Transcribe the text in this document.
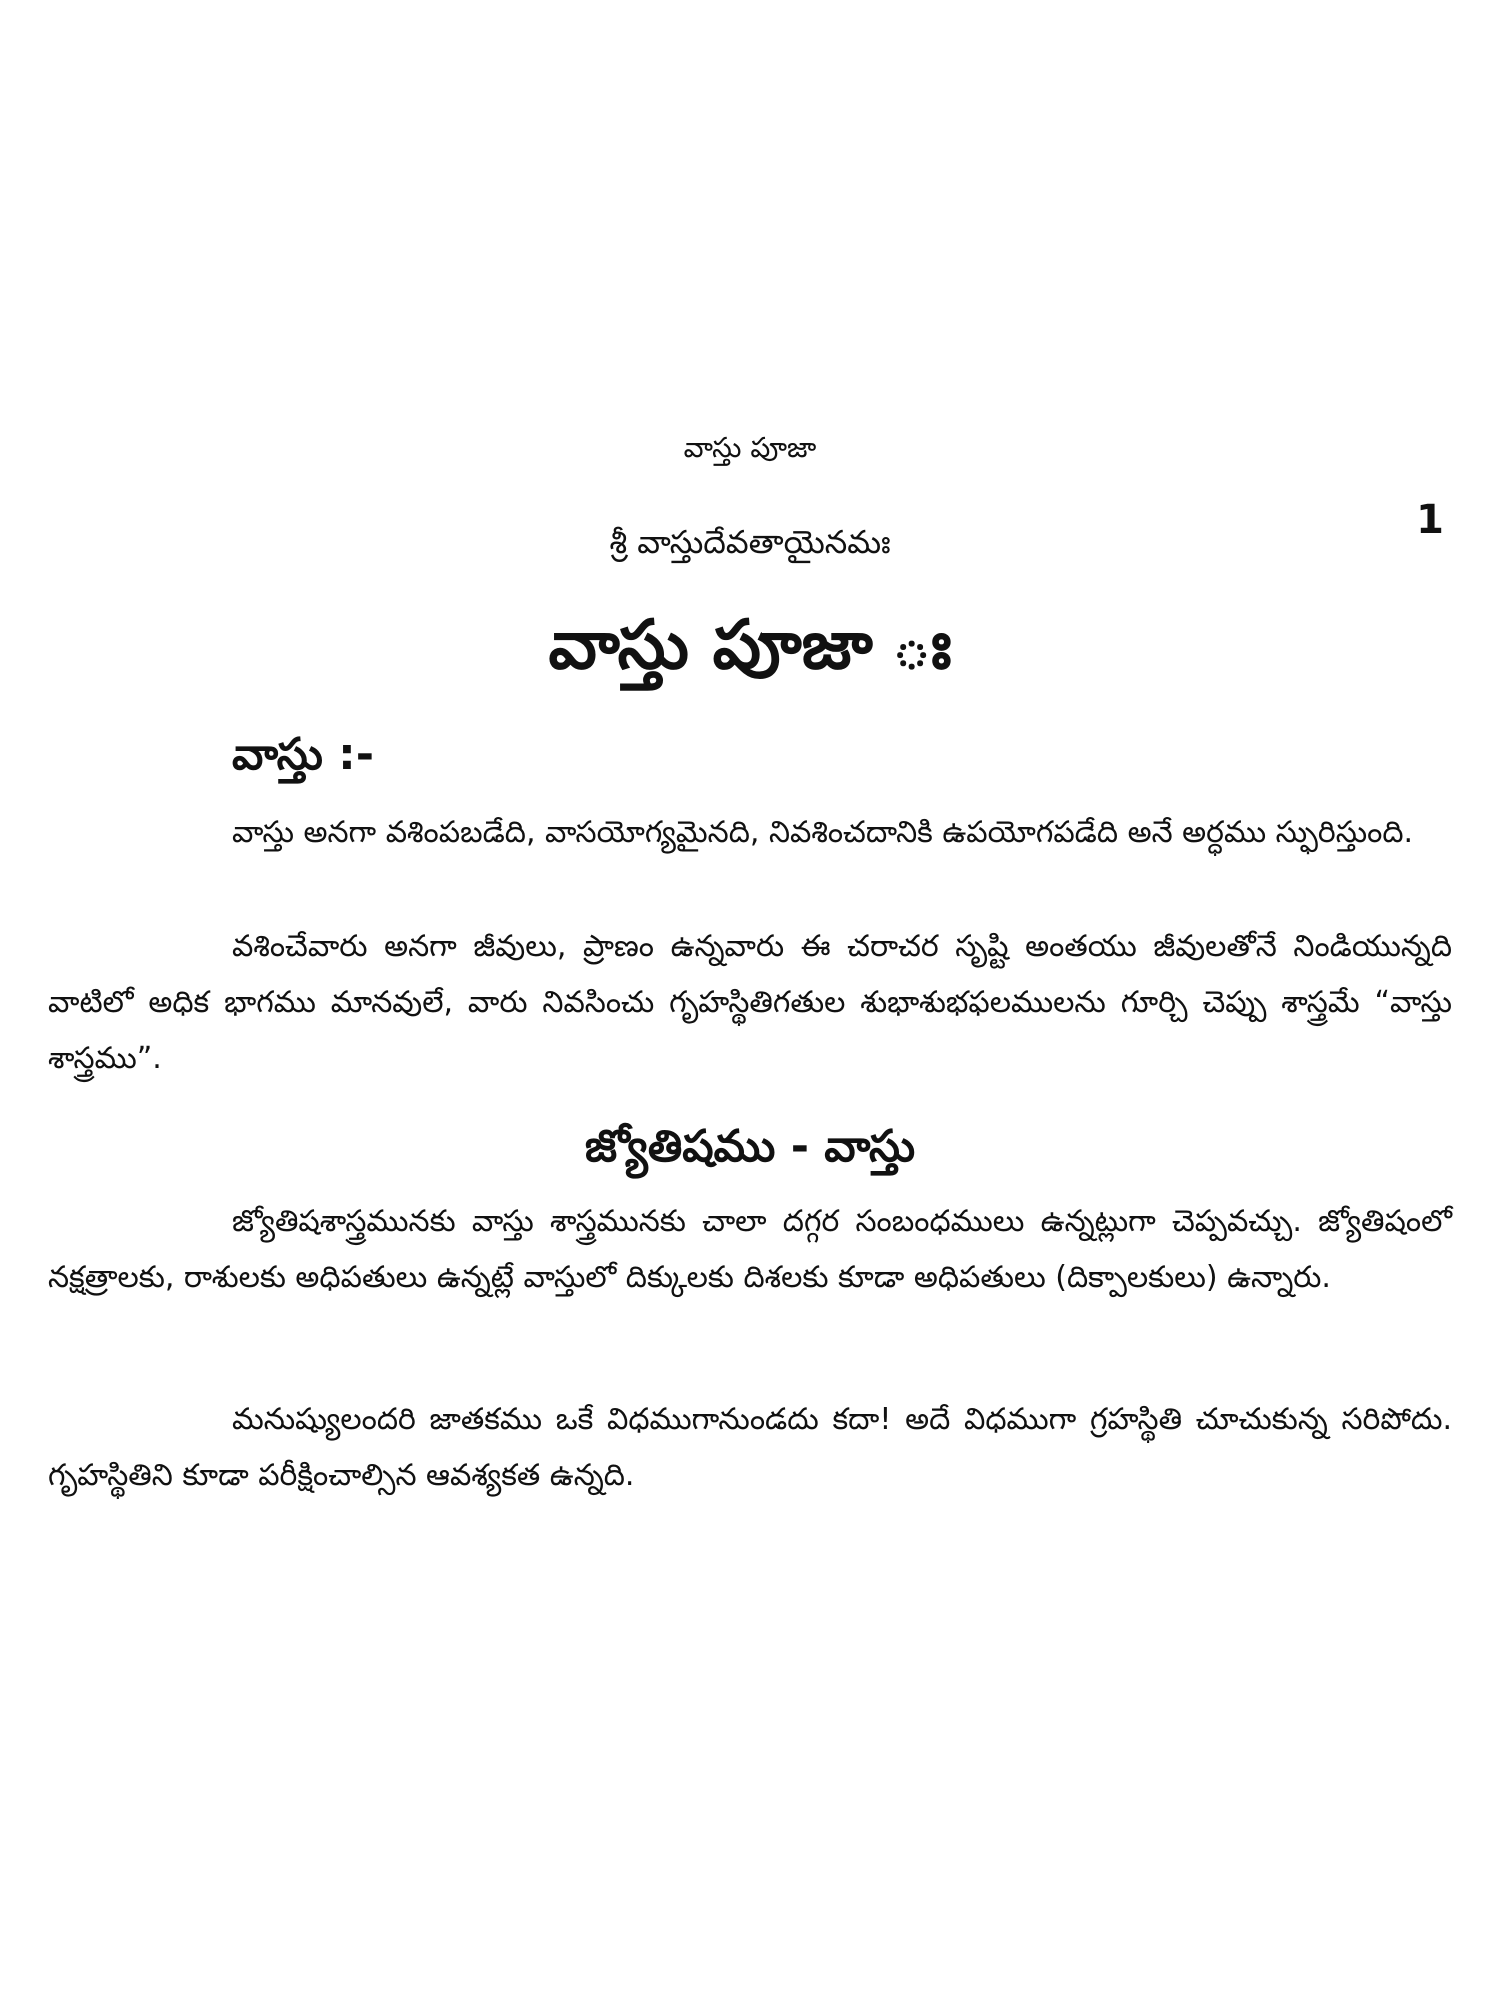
వాస్తు పూజా
1
శ్రీ వాస్తుదేవతాయైనమః
వాస్తు పూజా ః
వాస్తు :-

వాస్తు అనగా వశింపబడేది, వాసయోగ్యమైనది, నివశించదానికి ఉపయోగపడేది అనే అర్ధము స్ఫురిస్తుంది.

వశించేవారు అనగా జీవులు, ప్రాణం ఉన్నవారు ఈ చరాచర సృష్టి అంతయు జీవులతోనే నిండియున్నది వాటిలో అధిక భాగము మానవులే, వారు నివసించు గృహస్థితిగతుల శుభాశుభఫలములను గూర్చి చెప్పు శాస్త్రమే “వాస్తు శాస్త్రము”.

జ్యోతిషము - వాస్తు

జ్యోతిషశాస్త్రమునకు వాస్తు శాస్త్రమునకు చాలా దగ్గర సంబంధములు ఉన్నట్లుగా చెప్పవచ్చు. జ్యోతిషంలో నక్షత్రాలకు, రాశులకు అధిపతులు ఉన్నట్లే వాస్తులో దిక్కులకు దిశలకు కూడా అధిపతులు (దిక్పాలకులు) ఉన్నారు.

మనుష్యులందరి జాతకము ఒకే విధముగానుండదు కదా! అదే విధముగా గ్రహస్థితి చూచుకున్న సరిపోదు. గృహస్థితిని కూడా పరీక్షించాల్సిన ఆవశ్యకత ఉన్నది.
